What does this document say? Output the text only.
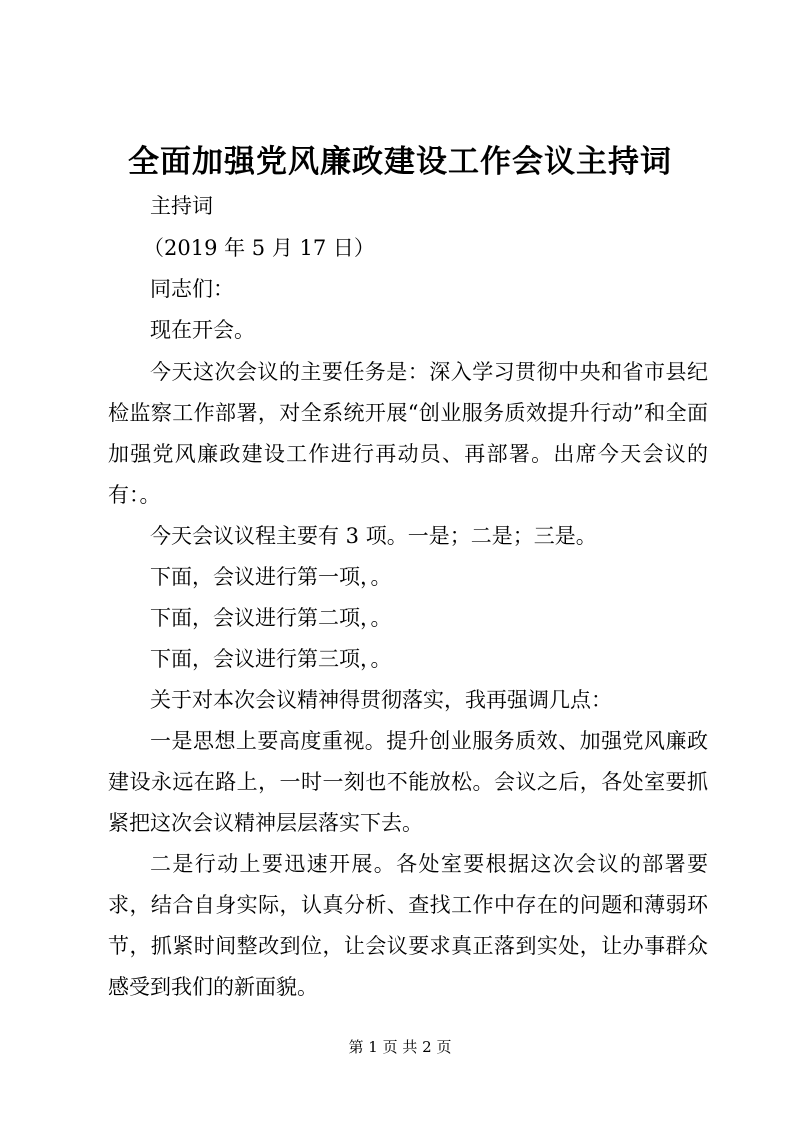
全面加强党风廉政建设工作会议主持词
主持词
（2019 年 5 月 17 日）
同志们：
现在开会。
今天这次会议的主要任务是：深入学习贯彻中央和省市县纪检监察工作部署，对全系统开展“创业服务质效提升行动”和全面加强党风廉政建设工作进行再动员、再部署。出席今天会议的有：。
今天会议议程主要有 3 项。一是；二是；三是。
下面，会议进行第一项，。
下面，会议进行第二项，。
下面，会议进行第三项，。
关于对本次会议精神得贯彻落实，我再强调几点：
一是思想上要高度重视。提升创业服务质效、加强党风廉政建设永远在路上，一时一刻也不能放松。会议之后，各处室要抓紧把这次会议精神层层落实下去。
二是行动上要迅速开展。各处室要根据这次会议的部署要求，结合自身实际，认真分析、查找工作中存在的问题和薄弱环节，抓紧时间整改到位，让会议要求真正落到实处，让办事群众感受到我们的新面貌。
第 1 页 共 2 页
